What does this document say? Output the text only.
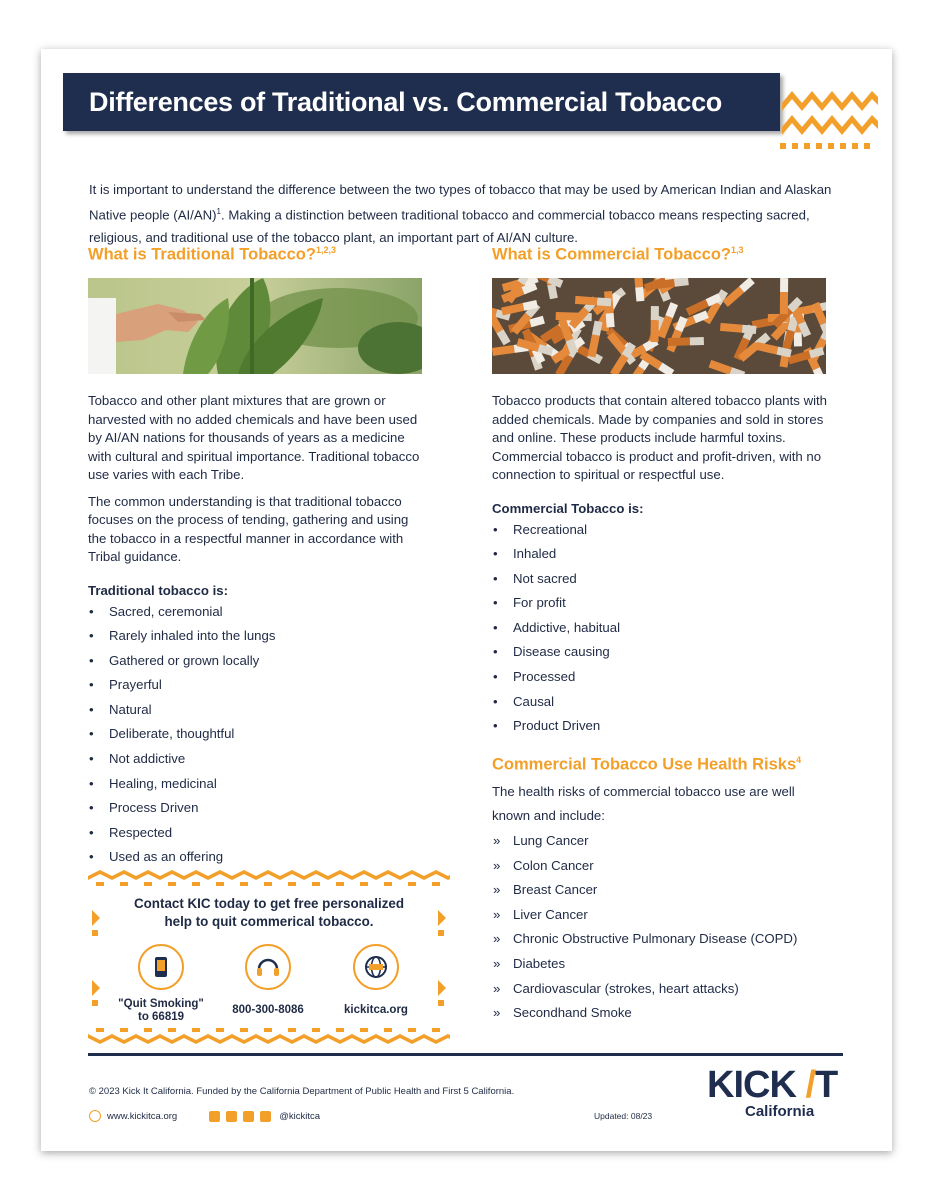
Differences of Traditional vs. Commercial Tobacco

It is important to understand the difference between the two types of tobacco that may be used by American Indian and Alaskan Native people $(AI/AN)^1$. Making a distinction between traditional tobacco and commercial tobacco means respecting sacred, religious, and traditional use of the tobacco plant, an important part of AI/AN culture.

What is Traditional Tobacco?$^{1,2,3}$

Tobacco and other plant mixtures that are grown or harvested with no added chemicals and have been used by AI/AN nations for thousands of years as a medicine with cultural and spiritual importance. Traditional tobacco use varies with each Tribe.

The common understanding is that traditional tobacco focuses on the process of tending, gathering and using the tobacco in a respectful manner in accordance with Tribal guidance.

Traditional tobacco is:

• Sacred, ceremonial
• Rarely inhaled into the lungs
• Gathered or grown locally
• Prayerful
• Natural
• Deliberate, thoughtful
• Not addictive
• Healing, medicinal
• Process Driven
• Respected
• Used as an offering
What is Commercial Tobacco?$^{1,3}$

Tobacco products that contain altered tobacco plants with added chemicals. Made by companies and sold in stores and online. These products include harmful toxins. Commercial tobacco is product and profit-driven, with no connection to spiritual or respectful use.

Commercial Tobacco is:

• Recreational
• Inhaled
• Not sacred
• For profit
• Addictive, habitual
• Disease causing
• Processed
• Causal
• Product Driven
Commercial Tobacco Use Health Risks$^4$

The health risks of commercial tobacco use are well known and include:

» Lung Cancer
» Colon Cancer
» Breast Cancer
» Liver Cancer
» Chronic Obstructive Pulmonary Disease (COPD)
» Diabetes
» Cardiovascular (strokes, heart attacks)
» Secondhand Smoke
Contact KIC today to get free personalized
help to quit commerical tobacco.
"Quit Smoking"
to 66819
800-300-8086	kickitca.org
© 2023 Kick It California. Funded by the California Department of Public Health and First 5 California.
www.kickitca.org	@kickitca	Updated: 08/23
KICK /T
California
